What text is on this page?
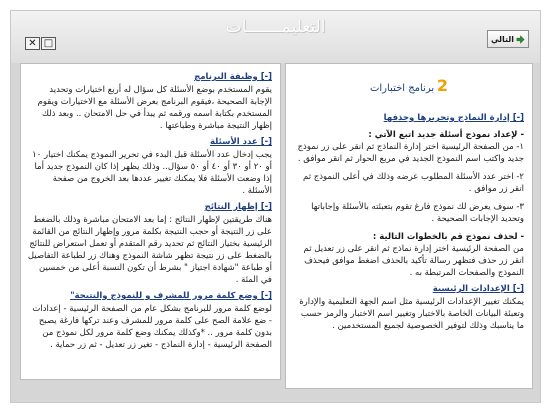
التعليمـــــــات
✕ □	التالي
[-] وظيفة البرنامج
يقوم المستخدم بوضع الأسئلة كل سؤال له أربع اختيارات وتحديد الإجابة الصحيحة ،فيقوم البرنامج بعرض الأسئلة مع الاختيارات ويقوم المستخدم بكتابة اسمه ورقمه ثم يبدأ في حل الامتحان .. وبعد ذلك إظهار النتيجة مباشرة وطباعتها .
[-] عدد الأسئلة
يجب إدخال عدد الأسئلة قبل البدء في تحرير النموذج يمكنك اختيار ١٠ أو ٢٠ أو ٣٠ أو ٤٠ أو ٥٠ سؤال.. وذلك يظهر إذا كان النموذج جديد أما إذا وضعت الأسئلة فلا يمكنك تغيير عددها بعد الخروج من صفحة الأسئلة .
[-] إظهار النتائج
هناك طريقتين لإظهار النتائج : إما بعد الامتحان مباشرة وذلك بالضغط على زر النتيجة أو حجب النتيجة بكلمة مرور وإظهار النتائج من القائمة الرئيسية بختيار النتائج ثم تحديد رقم المتقدم أو تعمل استعراض للنتائج بالضغط على زر نتيجة تظهر شاشة النموذج وهناك زر لطباعة التفاصيل أو طباعة "شهادة اجتياز " بشرط أن تكون النسبة أعلى من خمسين في المئة .
[-] وضع كلمة مرور للمشرف و للنموذج والنتيجة"
لوضع كلمة مرور للبرنامج بشكل عام من الصفحة الرئيسية - إعدادات - ضع علامة الصح على كلمة مرور للمشرف وعند تركها فارغة يصبح بدون كلمة مرور .. *وكذلك يمكنك وضع كلمة مرور لكل نموذج من الصفحة الرئيسية - إدارة النماذج - تغير زر تعديل - ثم زر حماية .
2 برنامج اختبارات
[-] إدارة النماذج وتحريرها وحذفها
- لإعداد نموذج أسئلة جديد اتبع الآتي :
١- من الصفحة الرئيسية اختر إدارة النماذج ثم انقر على زر نموذج جديد واكتب اسم النموذج الجديد في مربع الحوار ثم انقر موافق .
٢- اختر عدد الأسئلة المطلوب عرضه وذلك في أعلى النموذج ثم انقر زر موافق .
٣- سوف يعرض لك نموذج فارغ تقوم بتعبئته بالأسئلة وإجاباتها وتحديد الإجابات الصحيحة .
- لحذف نموذج قم بالخطوات التالية :
من الصفحة الرئيسية اختر إدارة نماذج ثم انقر على زر تعديل ثم انقر زر حذف فتظهر رسالة تأكيد بالحذف اضغط موافق فيحذف النموذج والصفحات المرتبطة به .
[-] الإعدادات الرئيسية
يمكنك تغيير الإعدادات الرئيسية مثل اسم الجهة التعليمية والإدارة وتعبئة البيانات الخاصة بالاختبار وتغيير اسم الاختبار والرمز حسب ما يناسبك وذلك لتوفير الخصوصية لجميع المستخدمين .
